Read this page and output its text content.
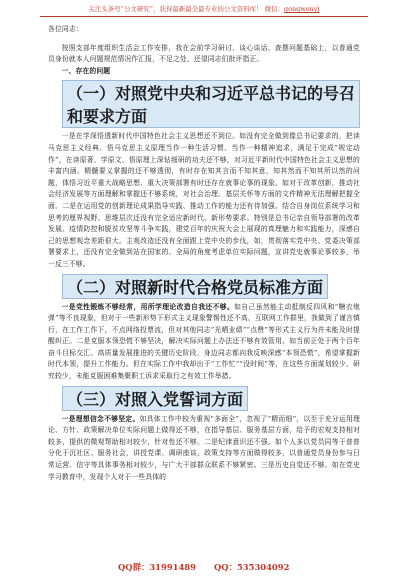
关注头条号“公文研究”，获得最新最全最专业的公文资料库！ 微信：gongwenyj

各位同志：

按照支部年度组织生活会工作安排，我在会前学习研讨、谈心谈话、查摆问题基础上，以普通党员身份就本人问题规范情况作汇报，不足之处，还望同志们批评指正。

一、存在的问题

（一）对照党中央和习近平总书记的号召和要求方面

一是在学深悟透新时代中国特色社会主义思想还不到位。如没有完全做到像总书记要求的，把读马克思主义经典、悟马克思主义原理当作一种生活习惯、当作一种精神追求，满足于完成“规定动作”，在读原著、学原文、悟原理上深钻细研的功夫还不够，对习近平新时代中国特色社会主义思想的丰富内涵、精髓要义掌握的还不够透彻，有时存在知其言而不知其意，知其然而不知其所以然的问题，体悟习近平重大战略思想、重大决策部署有时还存在就事论事的现象。如对于改革创新，推动社会经济发展等方面理解和掌握还不够系统，对社会治理、基层关怀等方面的文件精神无法理解把握全面。二是在运用党的创新理论成果指导实践、推动工作的能力还有待加强。结合自身岗位系统学习和思考的厘界视野、思维层次还没有完全适应新时代、新形势要求。特别是总书记亲自领导部署的改革发展、疫情防控和脱贫攻坚等斗争实践，建党百年的庆祝大会上展现的真理魅力和实践能力，深感自己的思想观念差距很大。主观改造还没有全面跟上党中央的步伐，如，贯彻落实党中央、党委决策部署要求上，还没有完全做到站在国家的、全局的角度考虑单位实际问题，宣讲党史就事论事较多，举一反三不够。

（二）对照新时代合格党员标准方面

一是党性锻炼不够经常，用所学理论改造自我还不够。如自己虽然能主动抵制反四风和“糖衣炮弹”等不良现象，但对于一些新形势下形式主义现象警惕性还不高，互联网工作群里，我做到了谨言慎行，在工作工作下，不点网络投票流，但对其他同志“光晒业绩”“点赞”等形式主义行为并未能及时提醒纠正。二是克服本领恐慌不够坚决，解决实际问题上办法还不够有效管用。如当前正处于两个百年奋斗目标交汇、高质量发展推进的关键历史阶段，身边同志都向我反映深感“本领恐慌”，希望掌握新时代本领，提升工作能力。但在实际工作中我却出于“工作忙”“没时间”等，在这些方面谋划较少、研究较少，未能克服困难集聚职工诉求采取行之有效工作举措。

（三）对照入党誓词方面

一是理想信念不够坚定。如具体工作中较为重视“多面全”，忽视了“精而细”，以至于充分运用理论、方针、政策解决单位实际问题上做得还不够，在指导基层、服务基层方面，给予的宏观支持相对较多，提供的微观帮助相对较少，针对性还不够。二是纪律意识还不强。如个人多以党员同等于普普分化于沉社区、服务社会，讲授党课、调研座谈，政策支持等方面做得较多，以普通党员身份参与日常运营、信守等具体事务相对较少，与广大干部群众联系不够紧密。三是历史自觉还不够。如在党史学习教育中，发现个人对于一些具体的

QQ群：31991489 QQ：535304092
